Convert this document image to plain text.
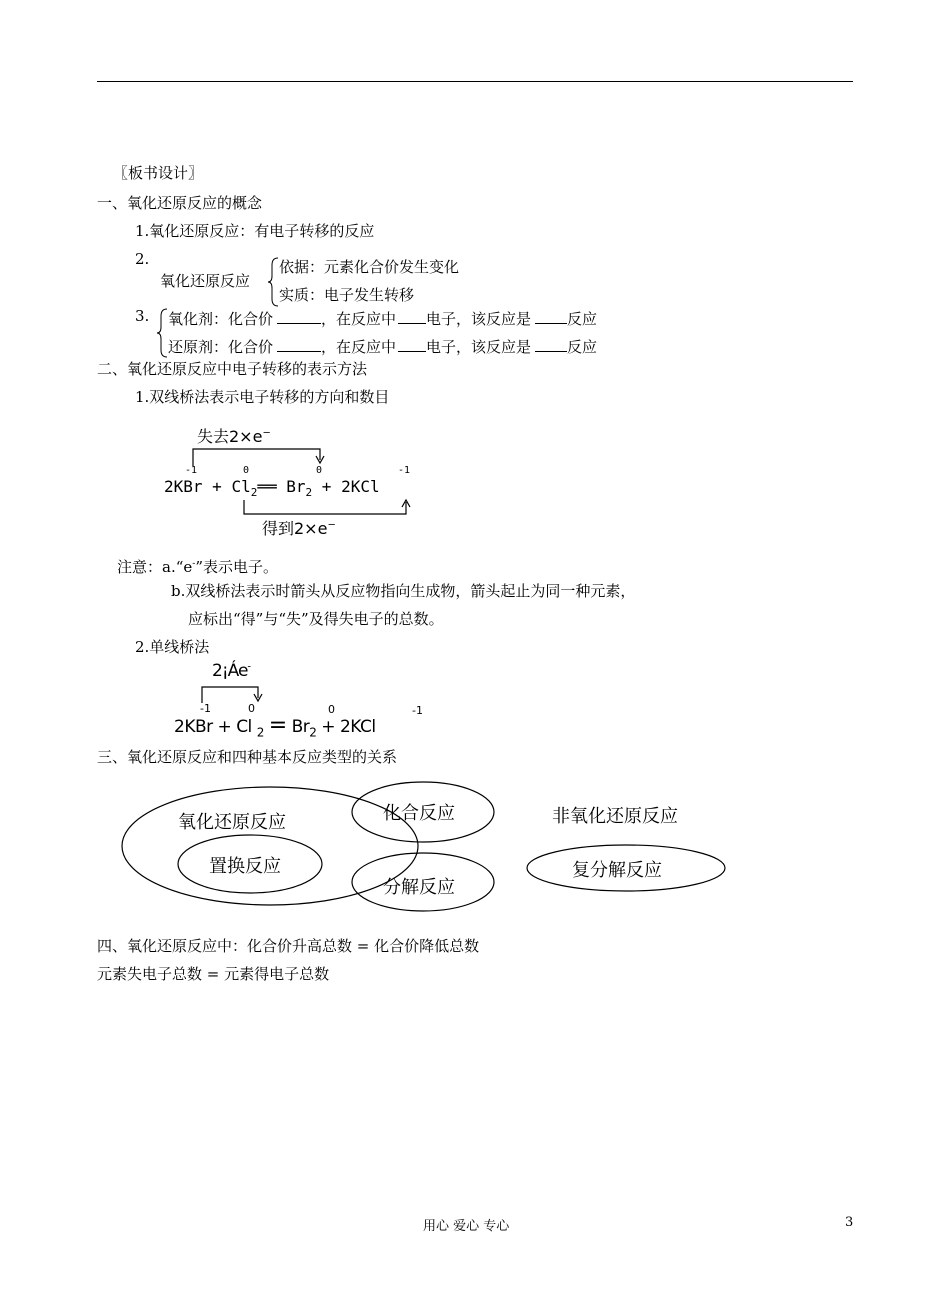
〖板书设计〗
一、氧化还原反应的概念
1.氧化还原反应：有电子转移的反应
2.
氧化还原反应
依据：元素化合价发生变化
实质：电子发生转移
3. 氧化剂：化合价	，在反应中 电子，该反应是 反应
还原剂：化合价	，在反应中 电子，该反应是 反应
二、氧化还原反应中电子转移的表示方法
1.双线桥法表示电子转移的方向和数目
失去2×e−
-1	0	0	-1
$2KBr + Cl_2══$ $Br_2 + 2KCl$
得到2×e−
注意：a.“e-”表示电子。
b.双线桥法表示时箭头从反应物指向生成物，箭头起止为同一种元素，
应标出“得”与“失”及得失电子的总数。
2.单线桥法
2¡Áe-
-1	0	0	-1
2KBr + Cl $_2 = Br_2 + 2KCl$
三、氧化还原反应和四种基本反应类型的关系
氧化还原反应	化合反应
置换反应
分解反应
非氧化还原反应
复分解反应
四、氧化还原反应中：化合价升高总数 = 化合价降低总数
元素失电子总数 = 元素得电子总数
用心 爱心 专心	3
